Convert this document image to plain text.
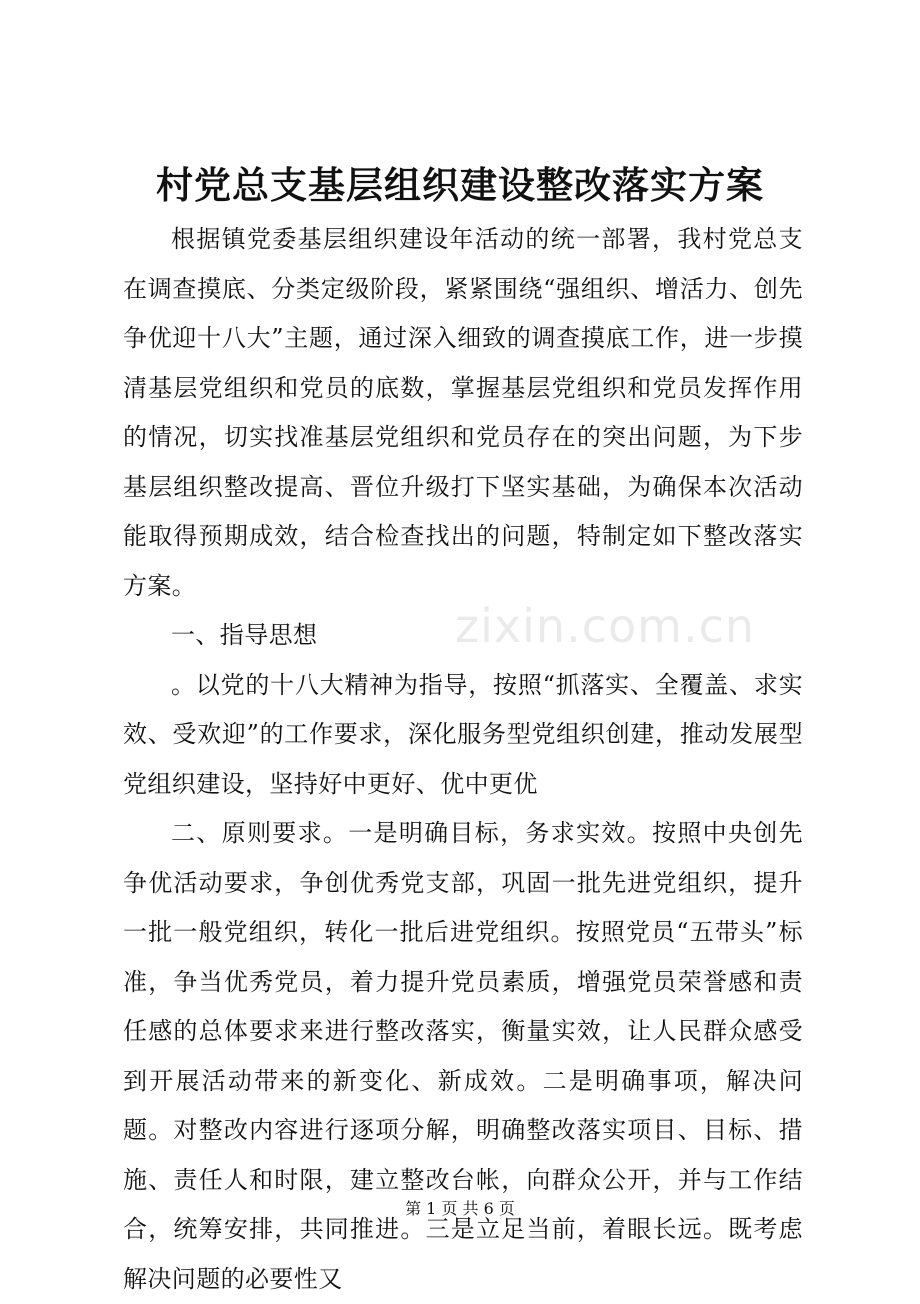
村党总支基层组织建设整改落实方案
zixin.com.cn

根据镇党委基层组织建设年活动的统一部署，我村党总支在调查摸底、分类定级阶段，紧紧围绕“强组织、增活力、创先争优迎十八大”主题，通过深入细致的调查摸底工作，进一步摸清基层党组织和党员的底数，掌握基层党组织和党员发挥作用的情况，切实找准基层党组织和党员存在的突出问题，为下步基层组织整改提高、晋位升级打下坚实基础，为确保本次活动能取得预期成效，结合检查找出的问题，特制定如下整改落实方案。

一、指导思想

。以党的十八大精神为指导，按照“抓落实、全覆盖、求实效、受欢迎”的工作要求，深化服务型党组织创建，推动发展型党组织建设，坚持好中更好、优中更优

二、原则要求。一是明确目标，务求实效。按照中央创先争优活动要求，争创优秀党支部，巩固一批先进党组织，提升一批一般党组织，转化一批后进党组织。按照党员“五带头”标准，争当优秀党员，着力提升党员素质，增强党员荣誉感和责任感的总体要求来进行整改落实，衡量实效，让人民群众感受到开展活动带来的新变化、新成效。二是明确事项，解决问题。对整改内容进行逐项分解，明确整改落实项目、目标、措施、责任人和时限，建立整改台帐，向群众公开，并与工作结合，统筹安排，共同推进。三是立足当前，着眼长远。既考虑解决问题的必要性又

第 1 页 共 6 页
